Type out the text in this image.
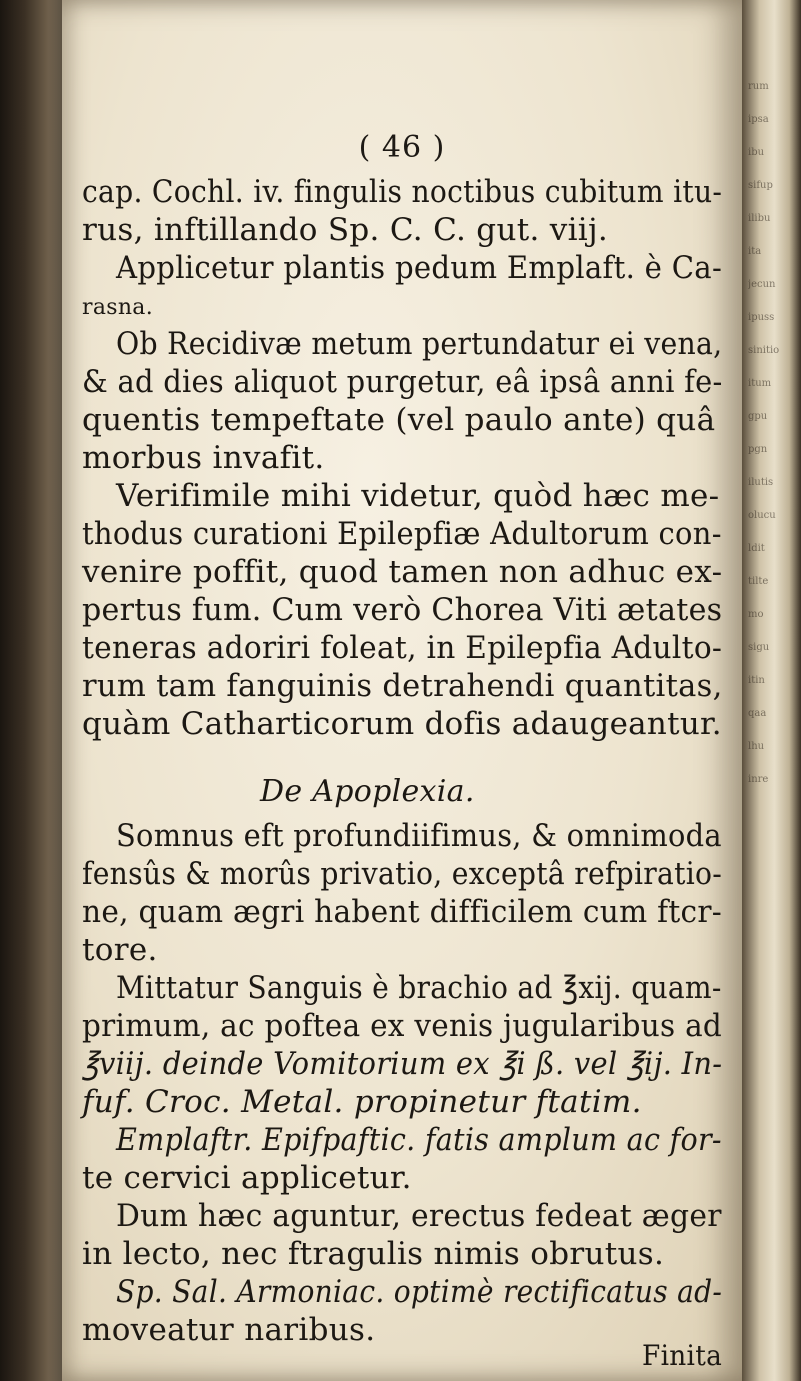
( 46 )
cap. Cochl. iv. fingulis noctibus cubitum itu-
rus, inftillando Sp. C. C. gut. viij.
Applicetur plantis pedum Emplaft. è Ca-
rasna.
Ob Recidivæ metum pertundatur ei vena,
& ad dies aliquot purgetur, eâ ipsâ anni fe-
quentis tempeftate (vel paulo ante) quâ
morbus invafit.
Verifimile mihi videtur, quòd hæc me-
thodus curationi Epilepfiæ Adultorum con-
venire poffit, quod tamen non adhuc ex-
pertus fum. Cum verò Chorea Viti ætates
teneras adoriri foleat, in Epilepfia Adulto-
rum tam fanguinis detrahendi quantitas,
quàm Catharticorum dofis adaugeantur.
De Apoplexia.
Somnus eft profundiifimus, & omnimoda
fensûs & morûs privatio, exceptâ refpiratio-
ne, quam ægri habent difficilem cum ftcr-
tore.
Mittatur Sanguis è brachio ad ℥xij. quam-
primum, ac poftea ex venis jugularibus ad
℥viij. deinde Vomitorium ex ℥i ß. vel ℥ij. In-
fuf. Croc. Metal. propinetur ftatim.
Emplaftr. Epifpaftic. fatis amplum ac for-
te cervici applicetur.
Dum hæc aguntur, erectus fedeat æger
in lecto, nec ftragulis nimis obrutus.
Sp. Sal. Armoniac. optimè rectificatus ad-
moveatur naribus.
Finita
rum
ipsa
ibu
sifup
ilibu
ita
jecun
ipuss
sinitio
itum
gpu
pgn
ilutis
olucu
ldit
tilte
mo
sigu
itin
qaa
lhu
inre
